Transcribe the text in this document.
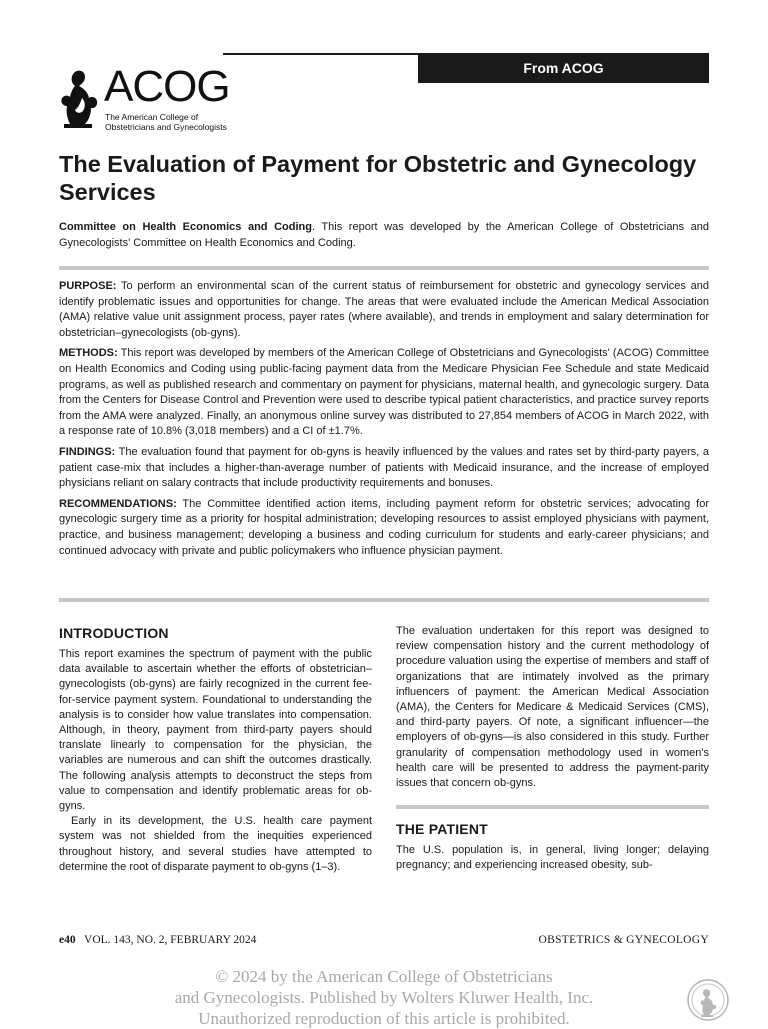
From ACOG
ACOG
The American College of
Obstetricians and Gynecologists
The Evaluation of Payment for Obstetric and Gynecology Services
Committee on Health Economics and Coding. This report was developed by the American College of Obstetricians and Gynecologists' Committee on Health Economics and Coding.

PURPOSE: To perform an environmental scan of the current status of reimbursement for obstetric and gynecology services and identify problematic issues and opportunities for change. The areas that were evaluated include the American Medical Association (AMA) relative value unit assignment process, payer rates (where available), and trends in employment and salary determination for obstetrician–gynecologists (ob-gyns).

METHODS: This report was developed by members of the American College of Obstetricians and Gynecologists' (ACOG) Committee on Health Economics and Coding using public-facing payment data from the Medicare Physician Fee Schedule and state Medicaid programs, as well as published research and commentary on payment for physicians, maternal health, and gynecologic surgery. Data from the Centers for Disease Control and Prevention were used to describe typical patient characteristics, and practice survey reports from the AMA were analyzed. Finally, an anonymous online survey was distributed to 27,854 members of ACOG in March 2022, with a response rate of 10.8% (3,018 members) and a CI of ±1.7%.

FINDINGS: The evaluation found that payment for ob-gyns is heavily influenced by the values and rates set by third-party payers, a patient case-mix that includes a higher-than-average number of patients with Medicaid insurance, and the increase of employed physicians reliant on salary contracts that include productivity requirements and bonuses.

RECOMMENDATIONS: The Committee identified action items, including payment reform for obstetric services; advocating for gynecologic surgery time as a priority for hospital administration; developing resources to assist employed physicians with payment, practice, and business management; developing a business and coding curriculum for students and early-career physicians; and continued advocacy with private and public policymakers who influence physician payment.

INTRODUCTION

This report examines the spectrum of payment with the public data available to ascertain whether the efforts of obstetrician–gynecologists (ob-gyns) are fairly recognized in the current fee-for-service payment system. Foundational to understanding the analysis is to consider how value translates into compensation. Although, in theory, payment from third-party payers should translate linearly to compensation for the physician, the variables are numerous and can shift the outcomes drastically. The following analysis attempts to deconstruct the steps from value to compensation and identify problematic areas for ob-gyns.

Early in its development, the U.S. health care payment system was not shielded from the inequities experienced throughout history, and several studies have attempted to determine the root of disparate payment to ob-gyns (1–3).

The evaluation undertaken for this report was designed to review compensation history and the current methodology of procedure valuation using the expertise of members and staff of organizations that are intimately involved as the primary influencers of payment: the American Medical Association (AMA), the Centers for Medicare & Medicaid Services (CMS), and third-party payers. Of note, a significant influencer—the employers of ob-gyns—is also considered in this study. Further granularity of compensation methodology used in women's health care will be presented to address the payment-parity issues that concern ob-gyns.

THE PATIENT

The U.S. population is, in general, living longer; delaying pregnancy; and experiencing increased obesity, sub-

e40 VOL. 143, NO. 2, FEBRUARY 2024	OBSTETRICS & GYNECOLOGY
© 2024 by the American College of Obstetricians
and Gynecologists. Published by Wolters Kluwer Health, Inc.
Unauthorized reproduction of this article is prohibited.
